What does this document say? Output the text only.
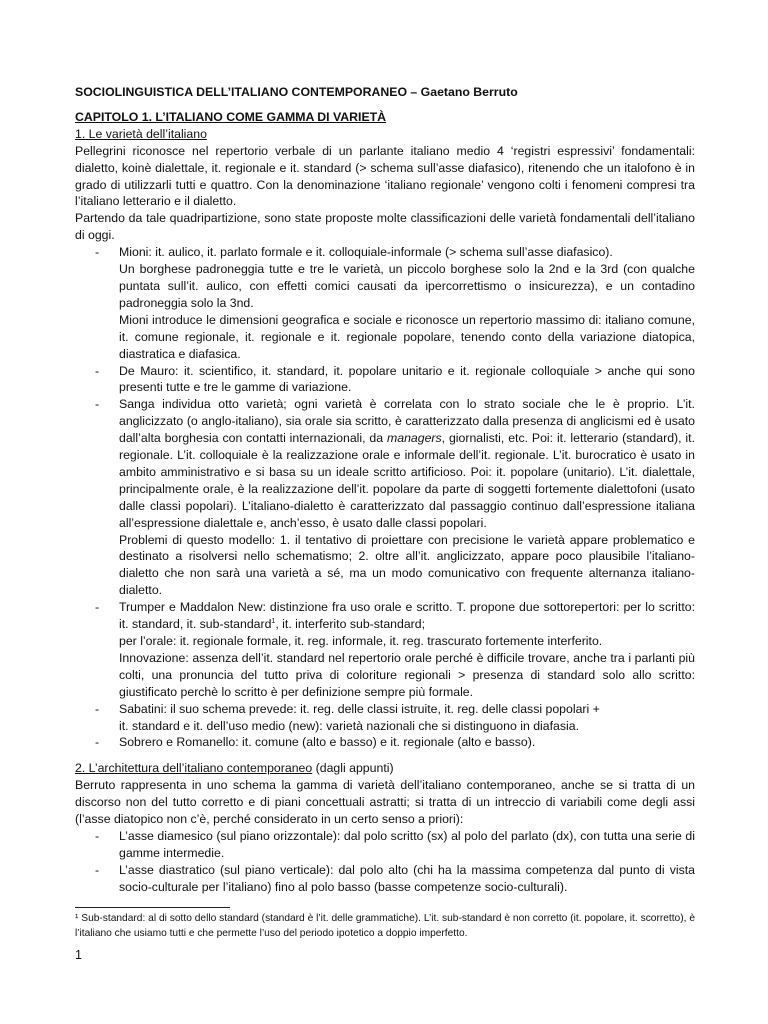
SOCIOLINGUISTICA DELL’ITALIANO CONTEMPORANEO – Gaetano Berruto
CAPITOLO 1. L’ITALIANO COME GAMMA DI VARIETÀ
1. Le varietà dell’italiano

Pellegrini riconosce nel repertorio verbale di un parlante italiano medio 4 ‘registri espressivi’ fondamentali: dialetto, koinè dialettale, it. regionale e it. standard (> schema sull’asse diafasico), ritenendo che un italofono è in grado di utilizzarli tutti e quattro. Con la denominazione ‘italiano regionale’ vengono colti i fenomeni compresi tra l’italiano letterario e il dialetto.

Partendo da tale quadripartizione, sono state proposte molte classificazioni delle varietà fondamentali dell’italiano di oggi.

- Mioni: it. aulico, it. parlato formale e it. colloquiale-informale (> schema sull’asse diafasico).

Un borghese padroneggia tutte e tre le varietà, un piccolo borghese solo la 2nd e la 3rd (con qualche puntata sull’it. aulico, con effetti comici causati da ipercorrettismo o insicurezza), e un contadino padroneggia solo la 3nd.

Mioni introduce le dimensioni geografica e sociale e riconosce un repertorio massimo di: italiano comune, it. comune regionale, it. regionale e it. regionale popolare, tenendo conto della variazione diatopica, diastratica e diafasica.

- De Mauro: it. scientifico, it. standard, it. popolare unitario e it. regionale colloquiale > anche qui sono presenti tutte e tre le gamme di variazione.

- Sanga individua otto varietà; ogni varietà è correlata con lo strato sociale che le è proprio. L’it. anglicizzato (o anglo-italiano), sia orale sia scritto, è caratterizzato dalla presenza di anglicismi ed è usato dall’alta borghesia con contatti internazionali, da managers, giornalisti, etc. Poi: it. letterario (standard), it. regionale. L’it. colloquiale è la realizzazione orale e informale dell’it. regionale. L’it. burocratico è usato in ambito amministrativo e si basa su un ideale scritto artificioso. Poi: it. popolare (unitario). L’it. dialettale, principalmente orale, è la realizzazione dell’it. popolare da parte di soggetti fortemente dialettofoni (usato dalle classi popolari). L’italiano-dialetto è caratterizzato dal passaggio continuo dall’espressione italiana all’espressione dialettale e, anch’esso, è usato dalle classi popolari.

Problemi di questo modello: 1. il tentativo di proiettare con precisione le varietà appare problematico e destinato a risolversi nello schematismo; 2. oltre all’it. anglicizzato, appare poco plausibile l’italiano-dialetto che non sarà una varietà a sé, ma un modo comunicativo con frequente alternanza italiano-dialetto.

- Trumper e Maddalon New: distinzione fra uso orale e scritto. T. propone due sottorepertori: per lo scritto: it. standard, it. sub-standard$^1$, it. interferito sub-standard;

per l’orale: it. regionale formale, it. reg. informale, it. reg. trascurato fortemente interferito.

Innovazione: assenza dell’it. standard nel repertorio orale perché è difficile trovare, anche tra i parlanti più colti, una pronuncia del tutto priva di coloriture regionali > presenza di standard solo allo scritto: giustificato perchè lo scritto è per definizione sempre più formale.

- Sabatini: il suo schema prevede: it. reg. delle classi istruite, it. reg. delle classi popolari +

it. standard e it. dell’uso medio (new): varietà nazionali che si distinguono in diafasia.

- Sobrero e Romanello: it. comune (alto e basso) e it. regionale (alto e basso).

2. L’architettura dell’italiano contemporaneo (dagli appunti)

Berruto rappresenta in uno schema la gamma di varietà dell’italiano contemporaneo, anche se si tratta di un discorso non del tutto corretto e di piani concettuali astratti; si tratta di un intreccio di variabili come degli assi (l’asse diatopico non c’è, perché considerato in un certo senso a priori):

- L’asse diamesico (sul piano orizzontale): dal polo scritto (sx) al polo del parlato (dx), con tutta una serie di gamme intermedie.

- L’asse diastratico (sul piano verticale): dal polo alto (chi ha la massima competenza dal punto di vista socio-culturale per l’italiano) fino al polo basso (basse competenze socio-culturali).

¹ Sub-standard: al di sotto dello standard (standard è l’it. delle grammatiche). L’it. sub-standard è non corretto (it. popolare, it. scorretto), è l’italiano che usiamo tutti e che permette l’uso del periodo ipotetico a doppio imperfetto.
1
